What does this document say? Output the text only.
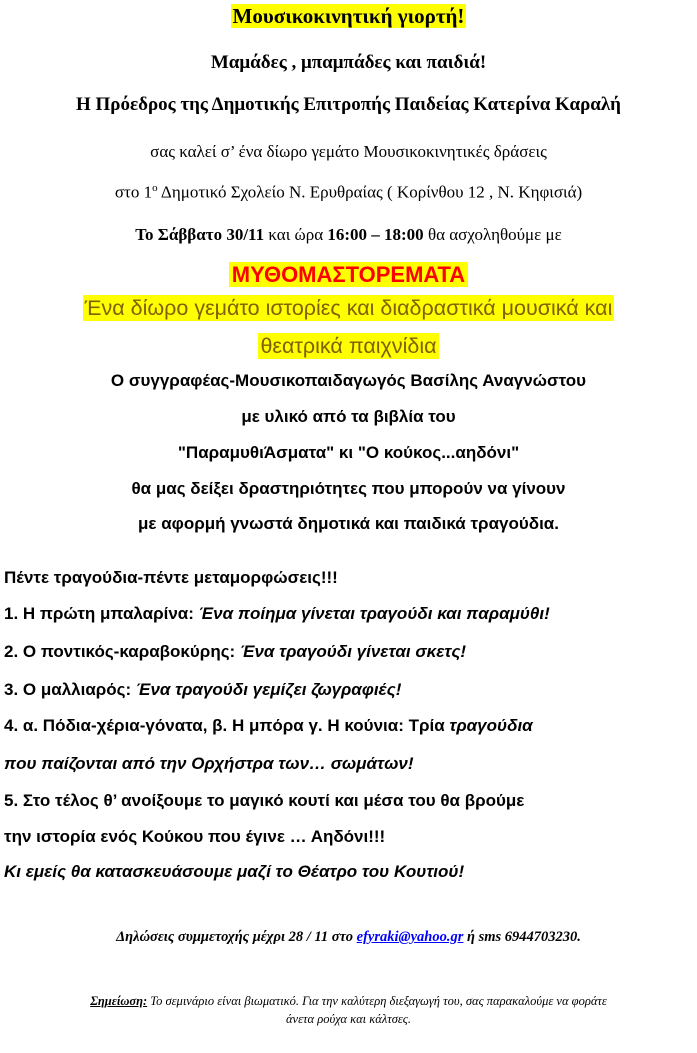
Μουσικοκινητική γιορτή!
Μαμάδες , μπαμπάδες και παιδιά!
Η Πρόεδρος της Δημοτικής Επιτροπής Παιδείας Κατερίνα Καραλή
σας καλεί σ’ ένα δίωρο γεμάτο Μουσικοκινητικές δράσεις
στο $1^o$ Δημοτικό Σχολείο Ν. Ερυθραίας ( Κορίνθου 12 , Ν. Κηφισιά)
Το Σάββατο 30/11 και ώρα 16:00 – 18:00 θα ασχοληθούμε με
ΜΥΘΟΜΑΣΤΟΡΕΜΑΤΑ
Ένα δίωρο γεμάτο ιστορίες και διαδραστικά μουσικά και
θεατρικά παιχνίδια
Ο συγγραφέας-Μουσικοπαιδαγωγός Βασίλης Αναγνώστου
με υλικό από τα βιβλία του
"ΠαραμυθιΆσματα" κι "Ο κούκος...αηδόνι"
θα μας δείξει δραστηριότητες που μπορούν να γίνουν
με αφορμή γνωστά δημοτικά και παιδικά τραγούδια.
Πέντε τραγούδια-πέντε μεταμορφώσεις!!!
1. Η πρώτη μπαλαρίνα: Ένα ποίημα γίνεται τραγούδι και παραμύθι!
2. Ο ποντικός-καραβοκύρης: Ένα τραγούδι γίνεται σκετς!
3. Ο μαλλιαρός: Ένα τραγούδι γεμίζει ζωγραφιές!
4. α. Πόδια-χέρια-γόνατα, β. Η μπόρα γ. Η κούνια: Τρία τραγούδια
που παίζονται από την Ορχήστρα των… σωμάτων!
5. Στο τέλος θ’ ανοίξουμε το μαγικό κουτί και μέσα του θα βρούμε
την ιστορία ενός Κούκου που έγινε … Αηδόνι!!!
Κι εμείς θα κατασκευάσουμε μαζί το Θέατρο του Κουτιού!
Δηλώσεις συμμετοχής μέχρι 28 / 11 στο efyraki@yahoo.gr ή sms 6944703230.
Σημείωση: Το σεμινάριο είναι βιωματικό. Για την καλύτερη διεξαγωγή του, σας παρακαλούμε να φοράτε
άνετα ρούχα και κάλτσες.
